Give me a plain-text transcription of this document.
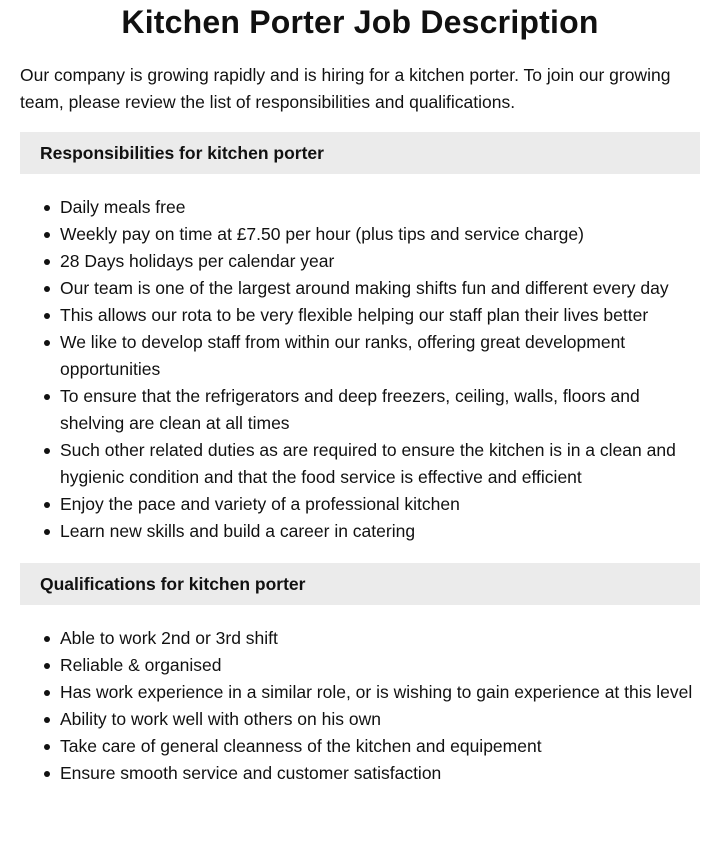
Kitchen Porter Job Description

Our company is growing rapidly and is hiring for a kitchen porter. To join our growing team, please review the list of responsibilities and qualifications.

Responsibilities for kitchen porter
Daily meals free
Weekly pay on time at £7.50 per hour (plus tips and service charge)
28 Days holidays per calendar year
Our team is one of the largest around making shifts fun and different every day
This allows our rota to be very flexible helping our staff plan their lives better
We like to develop staff from within our ranks, offering great development opportunities
To ensure that the refrigerators and deep freezers, ceiling, walls, floors and shelving are clean at all times
Such other related duties as are required to ensure the kitchen is in a clean and hygienic condition and that the food service is effective and efficient
Enjoy the pace and variety of a professional kitchen
Learn new skills and build a career in catering
Qualifications for kitchen porter
Able to work 2nd or 3rd shift
Reliable & organised
Has work experience in a similar role, or is wishing to gain experience at this level
Ability to work well with others on his own
Take care of general cleanness of the kitchen and equipement
Ensure smooth service and customer satisfaction
